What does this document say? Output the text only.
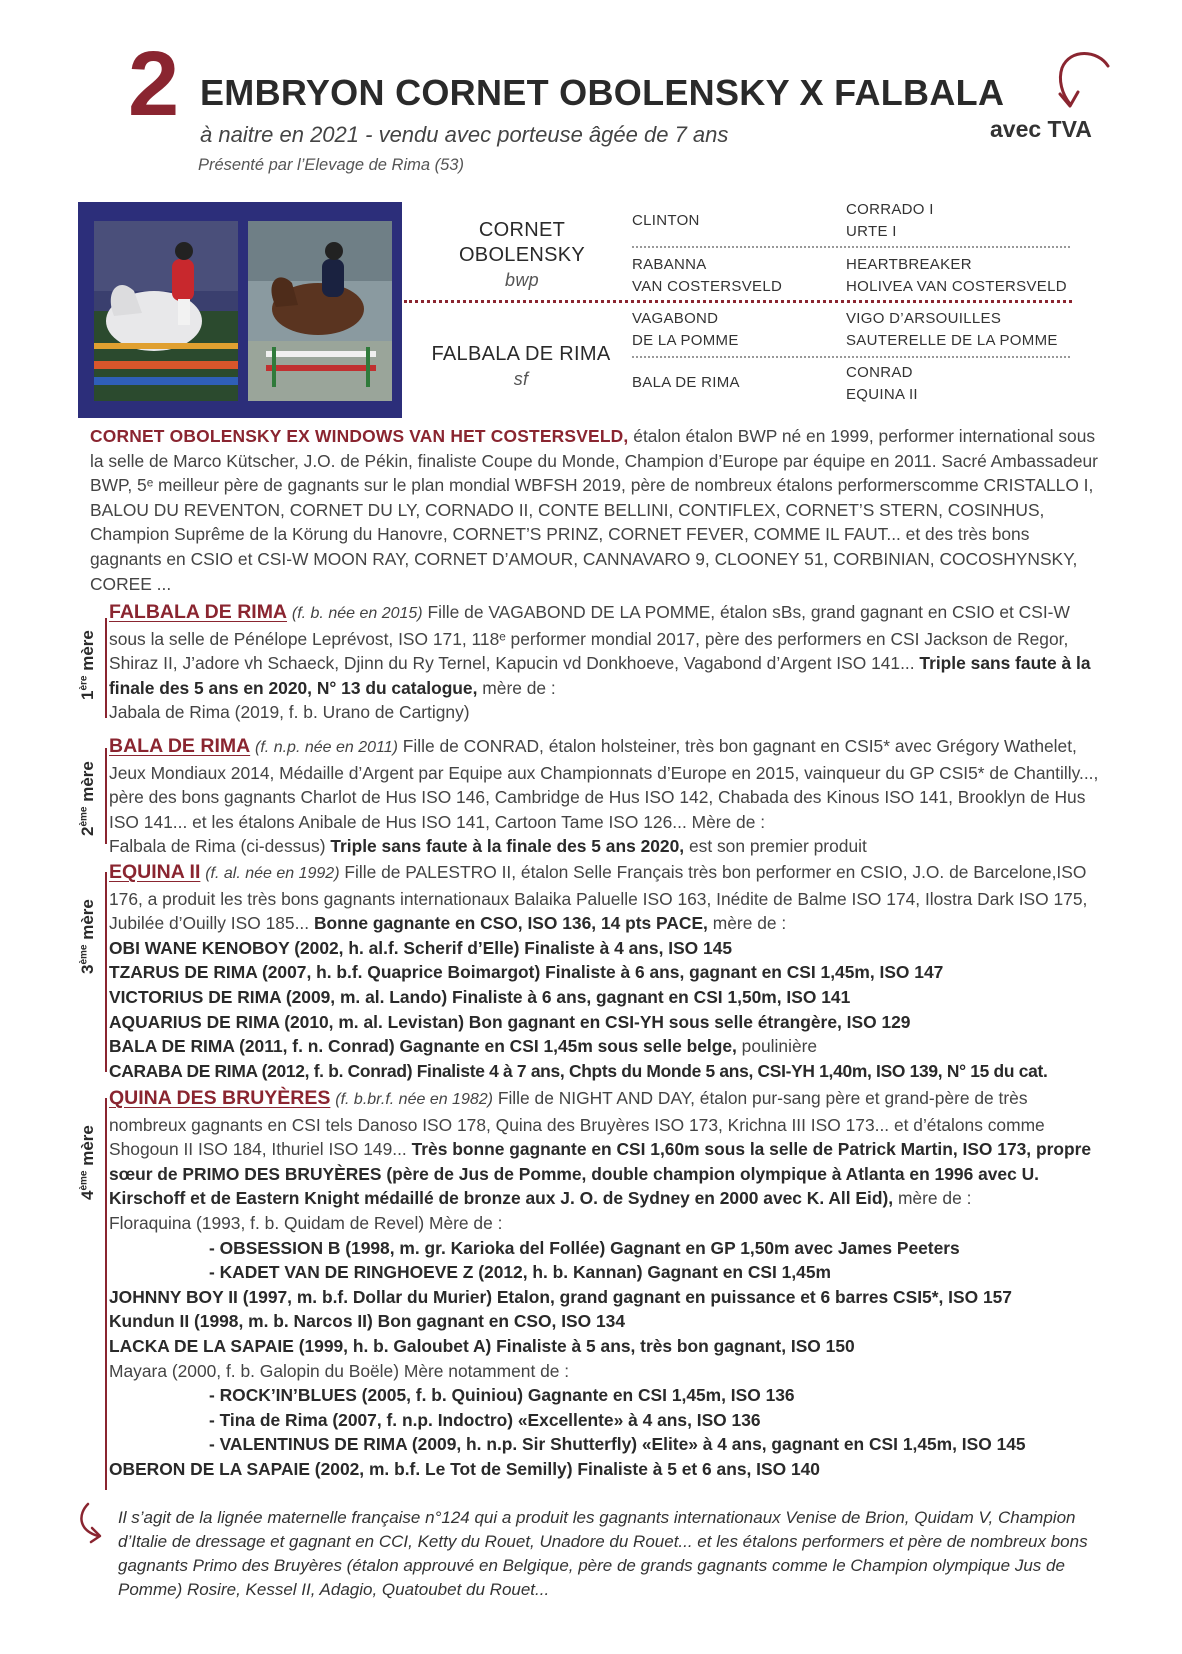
2 EMBRYON CORNET OBOLENSKY X FALBALA
à naitre en 2021 - vendu avec porteuse âgée de 7 ans
Présenté par l’Elevage de Rima (53)
avec TVA
CORNET
OBOLENSKY
bwp
FALBALA DE RIMA
sf
CLINTON
RABANNA
VAN COSTERSVELD
VAGABOND
DE LA POMME
BALA DE RIMA
CORRADO I
URTE I
HEARTBREAKER
HOLIVEA VAN COSTERSVELD
VIGO D’ARSOUILLES
SAUTERELLE DE LA POMME
CONRAD
EQUINA II
CORNET OBOLENSKY EX WINDOWS VAN HET COSTERSVELD, étalon étalon BWP né en 1999, performer international sous la selle de Marco Kütscher, J.O. de Pékin, finaliste Coupe du Monde, Champion d’Europe par équipe en 2011. Sacré Ambassadeur BWP, 5ᵉ meilleur père de gagnants sur le plan mondial WBFSH 2019, père de nombreux étalons performerscomme CRISTALLO I, BALOU DU REVENTON, CORNET DU LY, CORNADO II, CONTE BELLINI, CONTIFLEX, CORNET’S STERN, COSINHUS, Champion Suprême de la Körung du Hanovre, CORNET’S PRINZ, CORNET FEVER, COMME IL FAUT... et des très bons gagnants en CSIO et CSI-W MOON RAY, CORNET D’AMOUR, CANNAVARO 9, CLOONEY 51, CORBINIAN, COCOSHYNSKY, COREE ...
1ère mère
FALBALA DE RIMA (f. b. née en 2015) Fille de VAGABOND DE LA POMME, étalon sBs, grand gagnant en CSIO et CSI-W sous la selle de Pénélope Leprévost, ISO 171, 118ᵉ performer mondial 2017, père des performers en CSI Jackson de Regor, Shiraz II, J’adore vh Schaeck, Djinn du Ry Ternel, Kapucin vd Donkhoeve, Vagabond d’Argent ISO 141... Triple sans faute à la finale des 5 ans en 2020, N° 13 du catalogue, mère de :
Jabala de Rima (2019, f. b. Urano de Cartigny)
2ème mère
BALA DE RIMA (f. n.p. née en 2011) Fille de CONRAD, étalon holsteiner, très bon gagnant en CSI5* avec Grégory Wathelet, Jeux Mondiaux 2014, Médaille d’Argent par Equipe aux Championnats d’Europe en 2015, vainqueur du GP CSI5* de Chantilly..., père des bons gagnants Charlot de Hus ISO 146, Cambridge de Hus ISO 142, Chabada des Kinous ISO 141, Brooklyn de Hus ISO 141... et les étalons Anibale de Hus ISO 141, Cartoon Tame ISO 126... Mère de :
Falbala de Rima (ci-dessus) Triple sans faute à la finale des 5 ans 2020, est son premier produit
3ème mère
EQUINA II (f. al. née en 1992) Fille de PALESTRO II, étalon Selle Français très bon performer en CSIO, J.O. de Barcelone,ISO 176, a produit les très bons gagnants internationaux Balaika Paluelle ISO 163, Inédite de Balme ISO 174, Ilostra Dark ISO 175, Jubilée d’Ouilly ISO 185... Bonne gagnante en CSO, ISO 136, 14 pts PACE, mère de :
OBI WANE KENOBOY (2002, h. al.f. Scherif d’Elle) Finaliste à 4 ans, ISO 145
TZARUS DE RIMA (2007, h. b.f. Quaprice Boimargot) Finaliste à 6 ans, gagnant en CSI 1,45m, ISO 147
VICTORIUS DE RIMA (2009, m. al. Lando) Finaliste à 6 ans, gagnant en CSI 1,50m, ISO 141
AQUARIUS DE RIMA (2010, m. al. Levistan) Bon gagnant en CSI-YH sous selle étrangère, ISO 129
BALA DE RIMA (2011, f. n. Conrad) Gagnante en CSI 1,45m sous selle belge, poulinière
CARABA DE RIMA (2012, f. b. Conrad) Finaliste 4 à 7 ans, Chpts du Monde 5 ans, CSI-YH 1,40m, ISO 139, N° 15 du cat.
4ème mère
QUINA DES BRUYÈRES (f. b.br.f. née en 1982) Fille de NIGHT AND DAY, étalon pur-sang père et grand-père de très nombreux gagnants en CSI tels Danoso ISO 178, Quina des Bruyères ISO 173, Krichna III ISO 173... et d’étalons comme Shogoun II ISO 184, Ithuriel ISO 149... Très bonne gagnante en CSI 1,60m sous la selle de Patrick Martin, ISO 173, propre sœur de PRIMO DES BRUYÈRES (père de Jus de Pomme, double champion olympique à Atlanta en 1996 avec U. Kirschoff et de Eastern Knight médaillé de bronze aux J. O. de Sydney en 2000 avec K. All Eid), mère de :
Floraquina (1993, f. b. Quidam de Revel) Mère de :
- OBSESSION B (1998, m. gr. Karioka del Follée) Gagnant en GP 1,50m avec James Peeters
- KADET VAN DE RINGHOEVE Z (2012, h. b. Kannan) Gagnant en CSI 1,45m
JOHNNY BOY II (1997, m. b.f. Dollar du Murier) Etalon, grand gagnant en puissance et 6 barres CSI5*, ISO 157
Kundun II (1998, m. b. Narcos II) Bon gagnant en CSO, ISO 134
LACKA DE LA SAPAIE (1999, h. b. Galoubet A) Finaliste à 5 ans, très bon gagnant, ISO 150
Mayara (2000, f. b. Galopin du Boële) Mère notamment de :
- ROCK’IN’BLUES (2005, f. b. Quiniou) Gagnante en CSI 1,45m, ISO 136
- Tina de Rima (2007, f. n.p. Indoctro) «Excellente» à 4 ans, ISO 136
- VALENTINUS DE RIMA (2009, h. n.p. Sir Shutterfly) «Elite» à 4 ans, gagnant en CSI 1,45m, ISO 145
OBERON DE LA SAPAIE (2002, m. b.f. Le Tot de Semilly) Finaliste à 5 et 6 ans, ISO 140
Il s’agit de la lignée maternelle française n°124 qui a produit les gagnants internationaux Venise de Brion, Quidam V, Champion d’Italie de dressage et gagnant en CCI, Ketty du Rouet, Unadore du Rouet... et les étalons performers et père de nombreux bons gagnants Primo des Bruyères (étalon approuvé en Belgique, père de grands gagnants comme le Champion olympique Jus de Pomme) Rosire, Kessel II, Adagio, Quatoubet du Rouet...
